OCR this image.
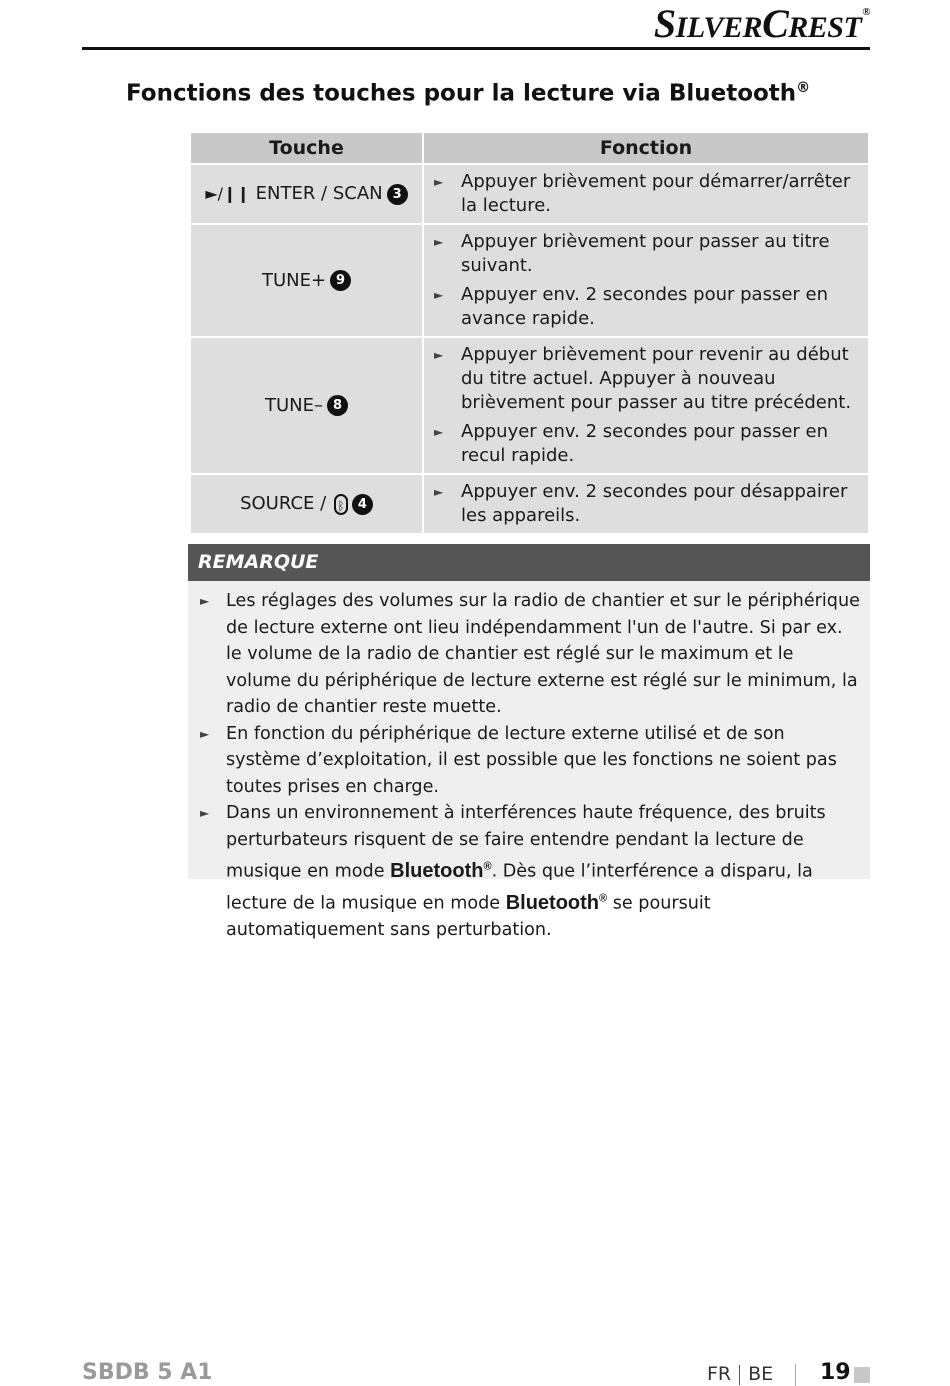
SILVERCREST®
Fonctions des touches pour la lecture via Bluetooth®
Touche	Fonction
►/❙❙ ENTER / SCAN 3	► Appuyer brièvement pour démarrer/arrêter la lecture.

TUNE+ 9	► Appuyer brièvement pour passer au titre suivant.
► Appuyer env. 2 secondes pour passer en avance rapide.

TUNE– 8	► Appuyer brièvement pour revenir au début du titre actuel. Appuyer à nouveau brièvement pour passer au titre précédent.
► Appuyer env. 2 secondes pour passer en recul rapide.

SOURCE / ᛒ 4	► Appuyer env. 2 secondes pour désappairer les appareils.
REMARQUE
► Les réglages des volumes sur la radio de chantier et sur le périphérique de lecture externe ont lieu indépendamment l'un de l'autre. Si par ex. le volume de la radio de chantier est réglé sur le maximum et le volume du périphérique de lecture externe est réglé sur le minimum, la radio de chantier reste muette.
► En fonction du périphérique de lecture externe utilisé et de son système d’exploitation, il est possible que les fonctions ne soient pas toutes prises en charge.
► Dans un environnement à interférences haute fréquence, des bruits perturbateurs risquent de se faire entendre pendant la lecture de musique en mode Bluetooth®. Dès que l’interférence a disparu, la lecture de la musique en mode Bluetooth® se poursuit automatiquement sans perturbation.
SBDB 5 A1	FR BE 19
